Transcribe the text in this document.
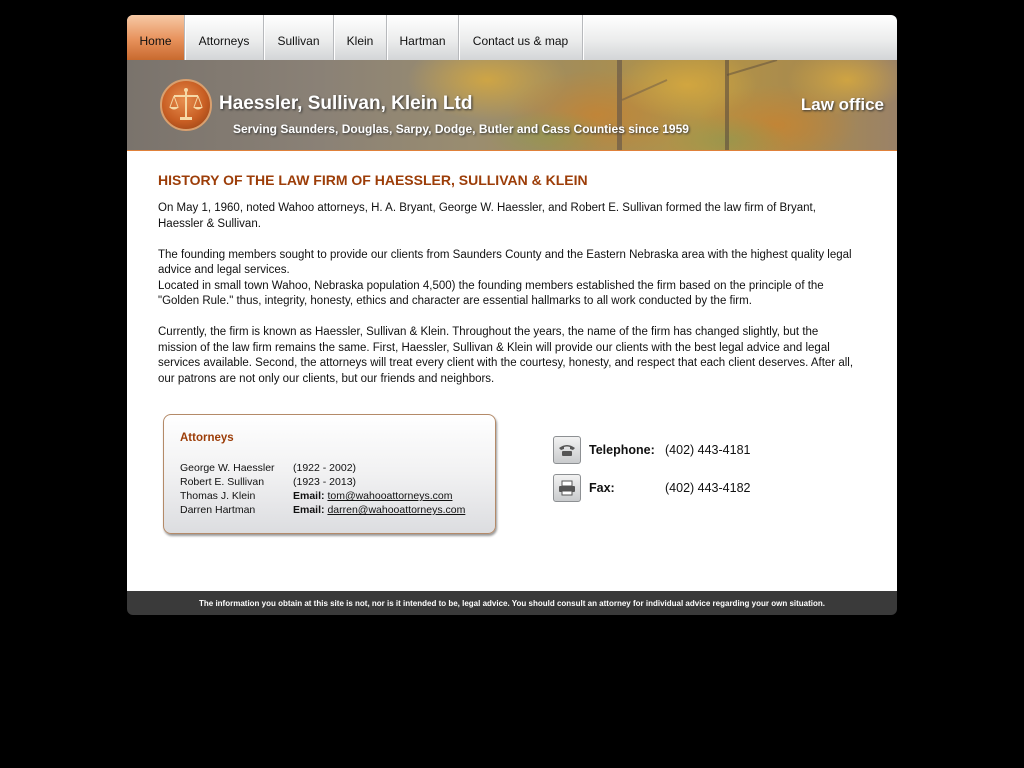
Home	Attorneys	Sullivan	Klein	Hartman	Contact us & map
Haessler, Sullivan, Klein Ltd
Serving Saunders, Douglas, Sarpy, Dodge, Butler and Cass Counties since 1959
Law office
HISTORY OF THE LAW FIRM OF HAESSLER, SULLIVAN & KLEIN

On May 1, 1960, noted Wahoo attorneys, H. A. Bryant, George W. Haessler, and Robert E. Sullivan formed the law firm of Bryant, Haessler & Sullivan.

The founding members sought to provide our clients from Saunders County and the Eastern Nebraska area with the highest quality legal advice and legal services.

Located in small town Wahoo, Nebraska population 4,500) the founding members established the firm based on the principle of the "Golden Rule." thus, integrity, honesty, ethics and character are essential hallmarks to all work conducted by the firm.

Currently, the firm is known as Haessler, Sullivan & Klein. Throughout the years, the name of the firm has changed slightly, but the mission of the law firm remains the same. First, Haessler, Sullivan & Klein will provide our clients with the best legal advice and legal services available. Second, the attorneys will treat every client with the courtesy, honesty, and respect that each client deserves. After all, our patrons are not only our clients, but our friends and neighbors.

Attorneys
George W. Haessler	(1922 - 2002)
Robert E. Sullivan	(1923 - 2013)
Thomas J. Klein	Email: tom@wahooattorneys.com
Darren Hartman	Email: darren@wahooattorneys.com
Telephone: (402) 443-4181
Fax:	(402) 443-4182
The information you obtain at this site is not, nor is it intended to be, legal advice. You should consult an attorney for individual advice regarding your own situation.
